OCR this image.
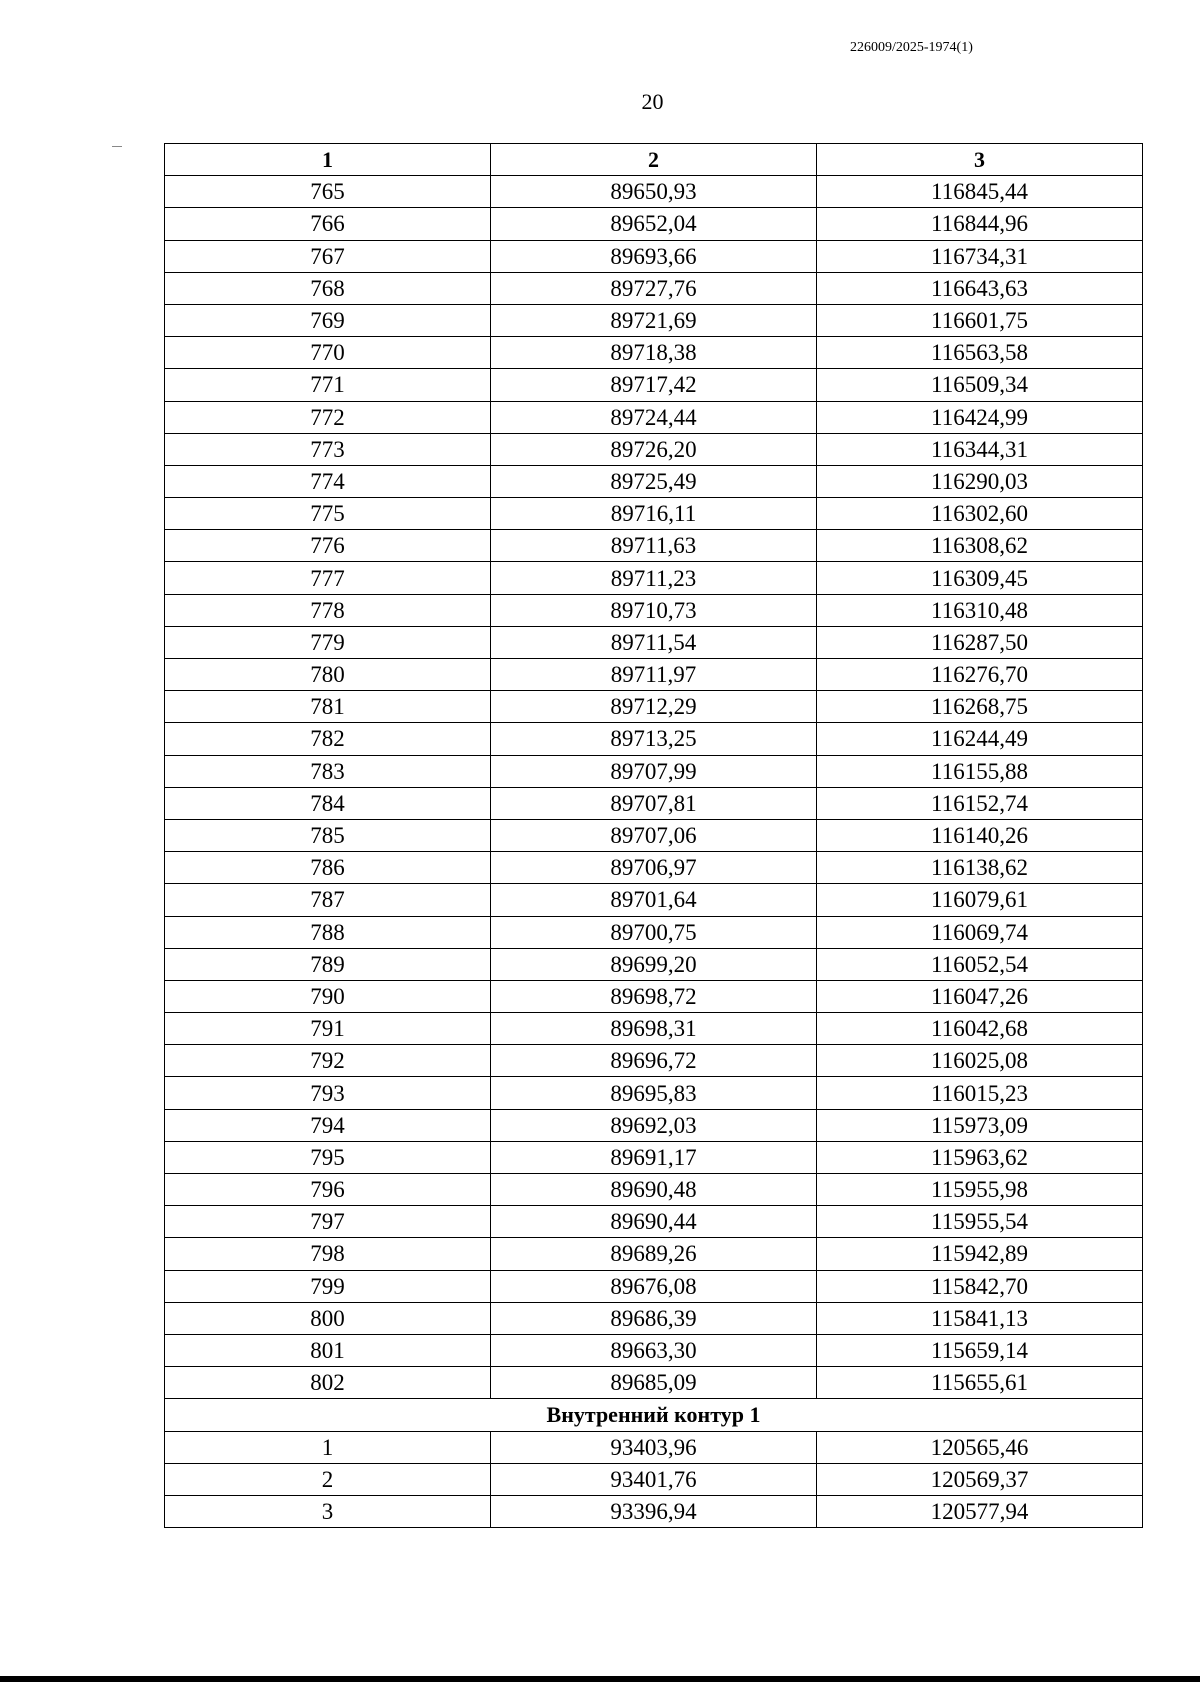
226009/2025-1974(1)
20
1	2	3
765	89650,93	116845,44
766	89652,04	116844,96
767	89693,66	116734,31
768	89727,76	116643,63
769	89721,69	116601,75
770	89718,38	116563,58
771	89717,42	116509,34
772	89724,44	116424,99
773	89726,20	116344,31
774	89725,49	116290,03
775	89716,11	116302,60
776	89711,63	116308,62
777	89711,23	116309,45
778	89710,73	116310,48
779	89711,54	116287,50
780	89711,97	116276,70
781	89712,29	116268,75
782	89713,25	116244,49
783	89707,99	116155,88
784	89707,81	116152,74
785	89707,06	116140,26
786	89706,97	116138,62
787	89701,64	116079,61
788	89700,75	116069,74
789	89699,20	116052,54
790	89698,72	116047,26
791	89698,31	116042,68
792	89696,72	116025,08
793	89695,83	116015,23
794	89692,03	115973,09
795	89691,17	115963,62
796	89690,48	115955,98
797	89690,44	115955,54
798	89689,26	115942,89
799	89676,08	115842,70
800	89686,39	115841,13
801	89663,30	115659,14
802	89685,09	115655,61
Внутренний контур 1		
1	93403,96	120565,46
2	93401,76	120569,37
3	93396,94	120577,94
